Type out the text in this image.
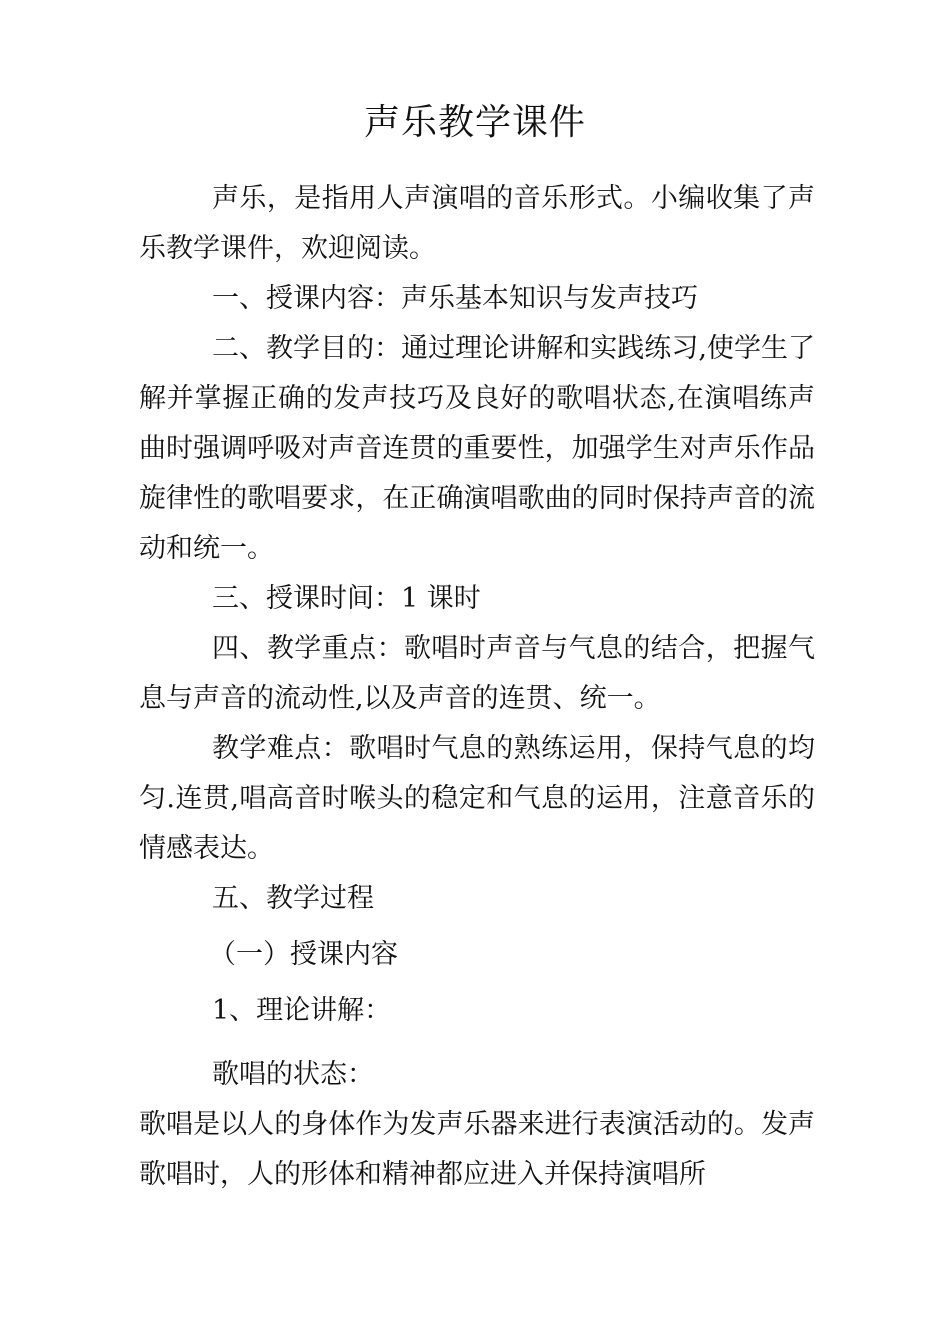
声乐教学课件

声乐，是指用人声演唱的音乐形式。小编收集了声乐教学课件，欢迎阅读。

一、授课内容：声乐基本知识与发声技巧

二、教学目的：通过理论讲解和实践练习,使学生了解并掌握正确的发声技巧及良好的歌唱状态,在演唱练声曲时强调呼吸对声音连贯的重要性，加强学生对声乐作品旋律性的歌唱要求，在正确演唱歌曲的同时保持声音的流动和统一。

三、授课时间：1 课时

四、教学重点：歌唱时声音与气息的结合，把握气息与声音的流动性,以及声音的连贯、统一。

教学难点：歌唱时气息的熟练运用，保持气息的均匀.连贯,唱高音时喉头的稳定和气息的运用，注意音乐的情感表达。

五、教学过程

（一）授课内容

1、理论讲解：

歌唱的状态：

歌唱是以人的身体作为发声乐器来进行表演活动的。发声歌唱时，人的形体和精神都应进入并保持演唱所
